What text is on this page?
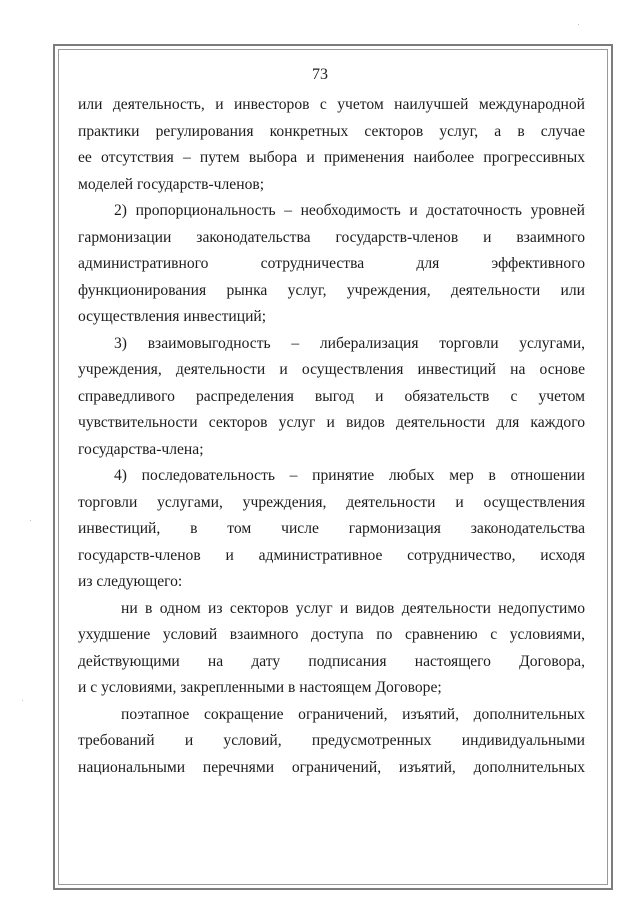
73
или деятельность, и инвесторов с учетом наилучшей международной
практики регулирования конкретных секторов услуг, а в случае
ее отсутствия – путем выбора и применения наиболее прогрессивных
моделей государств-членов;
2) пропорциональность – необходимость и достаточность уровней
гармонизации законодательства государств-членов и взаимного
административного сотрудничества для эффективного
функционирования рынка услуг, учреждения, деятельности или
осуществления инвестиций;
3) взаимовыгодность – либерализация торговли услугами,
учреждения, деятельности и осуществления инвестиций на основе
справедливого распределения выгод и обязательств с учетом
чувствительности секторов услуг и видов деятельности для каждого
государства-члена;
4) последовательность – принятие любых мер в отношении
торговли услугами, учреждения, деятельности и осуществления
инвестиций, в том числе гармонизация законодательства
государств-членов и административное сотрудничество, исходя
из следующего:
ни в одном из секторов услуг и видов деятельности недопустимо
ухудшение условий взаимного доступа по сравнению с условиями,
действующими на дату подписания настоящего Договора,
и с условиями, закрепленными в настоящем Договоре;
поэтапное сокращение ограничений, изъятий, дополнительных
требований и условий, предусмотренных индивидуальными
национальными перечнями ограничений, изъятий, дополнительных
